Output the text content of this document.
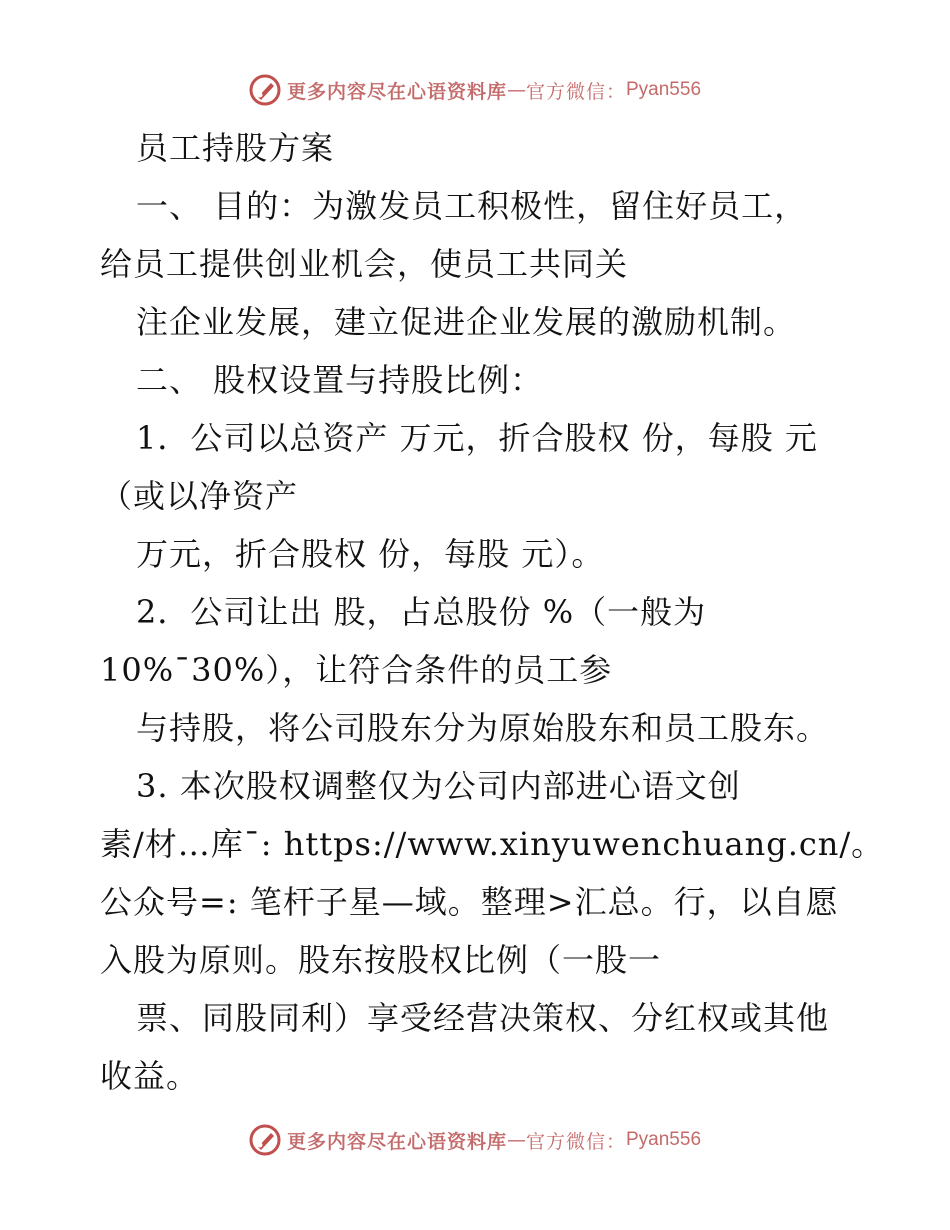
更多内容尽在心语资料库 — 官方微信： Pyan556
员工持股方案
一、 目的：为激发员工积极性，留住好员工，
给员工提供创业机会，使员工共同关
注企业发展，建立促进企业发展的激励机制。
二、 股权设置与持股比例：
1．公司以总资产 万元，折合股权 份，每股 元
（或以净资产
万元，折合股权 份，每股 元）。
2．公司让出 股，占总股份 %（一般为
10%¯30%），让符合条件的员工参
与持股，将公司股东分为原始股东和员工股东。
3. 本次股权调整仅为公司内部进心语文创
素/材…库¯: https://www.xinyuwenchuang.cn/。
公众号=: 笔杆子星—域。整理>汇总。行，以自愿
入股为原则。股东按股权比例（一股一
票、同股同利）享受经营决策权、分红权或其他
收益。
更多内容尽在心语资料库 — 官方微信： Pyan556
